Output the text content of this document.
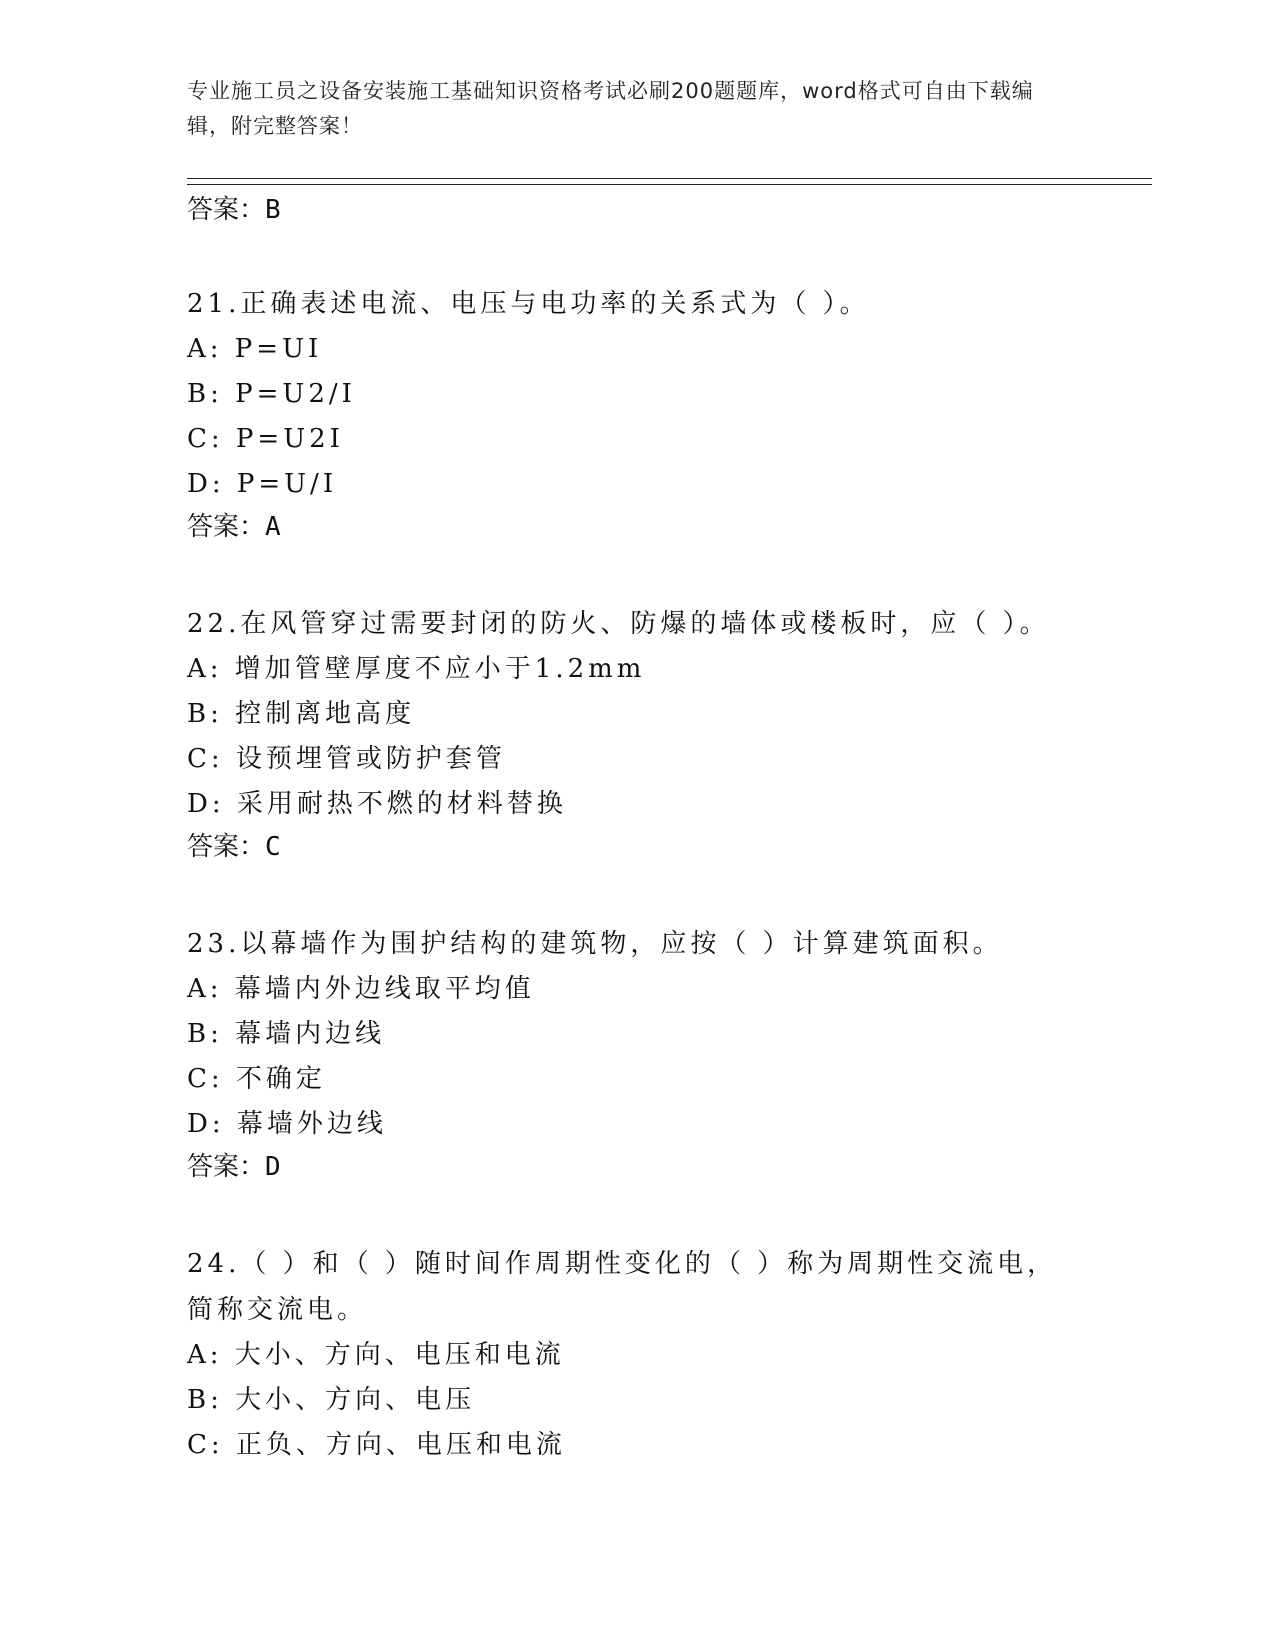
专业施工员之设备安装施工基础知识资格考试必刷200题题库，word格式可自由下载编辑，附完整答案！
答案：B
21.正确表述电流、电压与电功率的关系式为（ ）。
A: P=UI
B: P=U2/I
C: P=U2I
D: P=U/I
答案：A
22.在风管穿过需要封闭的防火、防爆的墙体或楼板时，应（ ）。
A: 增加管壁厚度不应小于1.2mm
B: 控制离地高度
C: 设预埋管或防护套管
D: 采用耐热不燃的材料替换
答案：C
23.以幕墙作为围护结构的建筑物，应按（ ）计算建筑面积。
A: 幕墙内外边线取平均值
B: 幕墙内边线
C: 不确定
D: 幕墙外边线
答案：D
24.（ ）和（ ）随时间作周期性变化的（ ）称为周期性交流电，简称交流电。
A: 大小、方向、电压和电流
B: 大小、方向、电压
C: 正负、方向、电压和电流
